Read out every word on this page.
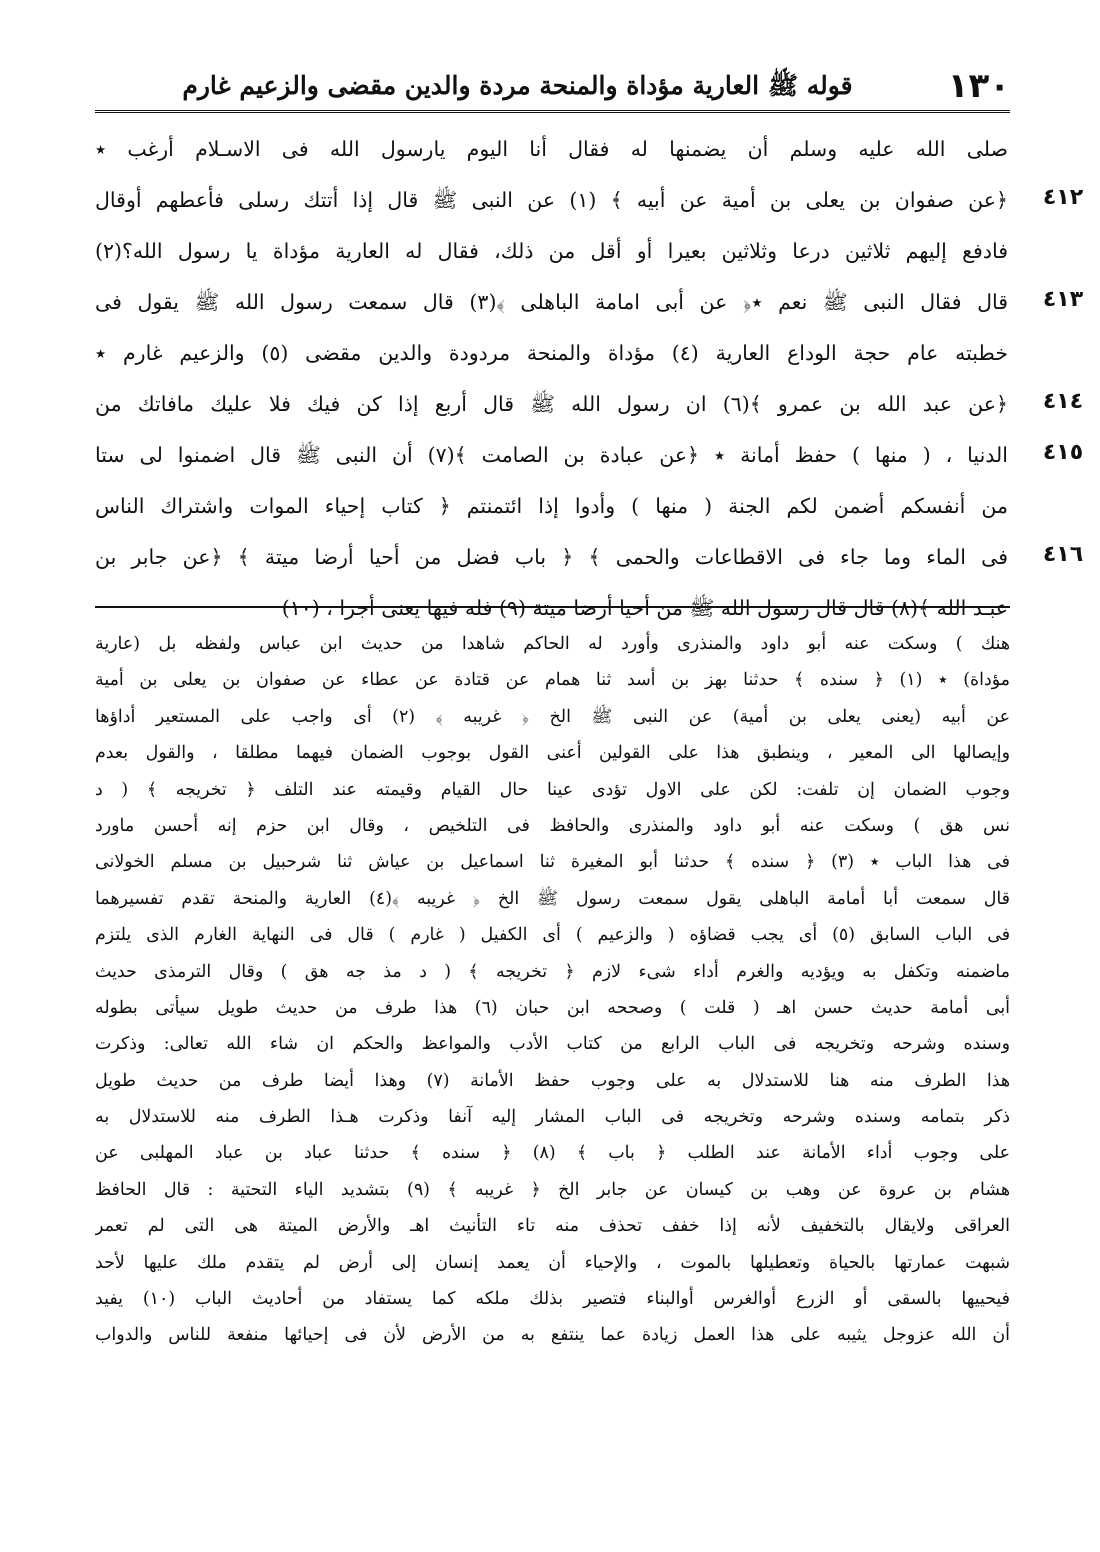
١٣٠
قوله ﷺ العارية مؤداة والمنحة مردة والدين مقضى والزعيم غارم
صلى الله عليه وسلم أن يضمنها له فقال أنا اليوم يارسول الله فى الاسـلام أرغب ٭
٤١٢
﴿عن صفوان بن يعلى بن أمية عن أبيه ﴾ (١) عن النبى ﷺ قال إذا أتتك رسلى فأعطهم أوقال
فادفع إليهم ثلاثين درعا وثلاثين بعيرا أو أقل من ذلك، فقال له العارية مؤداة يا رسول الله؟(٢)
٤١٣
قال فقال النبى ﷺ نعم ٭﴿ عن أبى امامة الباهلى ﴾(٣) قال سمعت رسول الله ﷺ يقول فى
خطبته عام حجة الوداع العارية (٤) مؤداة والمنحة مردودة والدين مقضى (٥) والزعيم غارم ٭
٤١٤
﴿عن عبد الله بن عمرو ﴾(٦) ان رسول الله ﷺ قال أربع إذا كن فيك فلا عليك مافاتك من
٤١٥
الدنيا ، ( منها ) حفظ أمانة ٭ ﴿عن عبادة بن الصامت ﴾(٧) أن النبى ﷺ قال اضمنوا لى ستا
من أنفسكم أضمن لكم الجنة ( منها ) وأدوا إذا ائتمنتم ﴿ كتاب إحياء الموات واشتراك الناس
٤١٦
فى الماء وما جاء فى الاقطاعات والحمى ﴾ ﴿ باب فضل من أحيا أرضا ميتة ﴾ ﴿عن جابر بن
عبـد الله ﴾(٨) قال قال رسول الله ﷺ من أحيا أرضا ميتة (٩) فله فيها يعنى أجرا ، (١٠)
هنك ) وسكت عنه أبو داود والمنذرى وأورد له الحاكم شاهدا من حديث ابن عباس ولفظه بل (عارية
مؤداة) ٭ (١) ﴿ سنده ﴾ حدثنا بهز بن أسد ثنا همام عن قتادة عن عطاء عن صفوان بن يعلى بن أمية
عن أبيه (يعنى يعلى بن أمية) عن النبى ﷺ الخ ﴿ غريبه ﴾ (٢) أى واجب على المستعير أداؤها
وإيصالها الى المعير ، وينطبق هذا على القولين أعنى القول بوجوب الضمان فيهما مطلقا ، والقول بعدم
وجوب الضمان إن تلفت: لكن على الاول تؤدى عينا حال القيام وقيمته عند التلف ﴿ تخريجه ﴾ ( د
نس هق ) وسكت عنه أبو داود والمنذرى والحافظ فى التلخيص ، وقال ابن حزم إنه أحسن ماورد
فى هذا الباب ٭ (٣) ﴿ سنده ﴾ حدثنا أبو المغيرة ثنا اسماعيل بن عياش ثنا شرحبيل بن مسلم الخولانى
قال سمعت أبا أمامة الباهلى يقول سمعت رسول ﷺ الخ ﴿ غريبه ﴾(٤) العارية والمنحة تقدم تفسيرهما
فى الباب السابق (٥) أى يجب قضاؤه ( والزعيم ) أى الكفيل ( غارم ) قال فى النهاية الغارم الذى يلتزم
ماضمنه وتكفل به ويؤديه والغرم أداء شىء لازم ﴿ تخريجه ﴾ ( د مذ جه هق ) وقال الترمذى حديث
أبى أمامة حديث حسن اهـ ( قلت ) وصححه ابن حبان (٦) هذا طرف من حديث طويل سيأتى بطوله
وسنده وشرحه وتخريجه فى الباب الرابع من كتاب الأدب والمواعظ والحكم ان شاء الله تعالى: وذكرت
هذا الطرف منه هنا للاستدلال به على وجوب حفظ الأمانة (٧) وهذا أيضا طرف من حديث طويل
ذكر بتمامه وسنده وشرحه وتخريجه فى الباب المشار إليه آنفا وذكرت هـذا الطرف منه للاستدلال به
على وجوب أداء الأمانة عند الطلب ﴿ باب ﴾ (٨) ﴿ سنده ﴾ حدثنا عباد بن عباد المهلبى عن
هشام بن عروة عن وهب بن كيسان عن جابر الخ ﴿ غريبه ﴾ (٩) بتشديد الياء التحتية : قال الحافظ
العراقى ولايقال بالتخفيف لأنه إذا خفف تحذف منه تاء التأنيث اهـ والأرض الميتة هى التى لم تعمر
شبهت عمارتها بالحياة وتعطيلها بالموت ، والإحياء أن يعمد إنسان إلى أرض لم يتقدم ملك عليها لأحد
فيحييها بالسقى أو الزرع أوالغرس أوالبناء فتصير بذلك ملكه كما يستفاد من أحاديث الباب (١٠) يفيد
أن الله عزوجل يثيبه على هذا العمل زيادة عما ينتفع به من الأرض لأن فى إحيائها منفعة للناس والدواب
